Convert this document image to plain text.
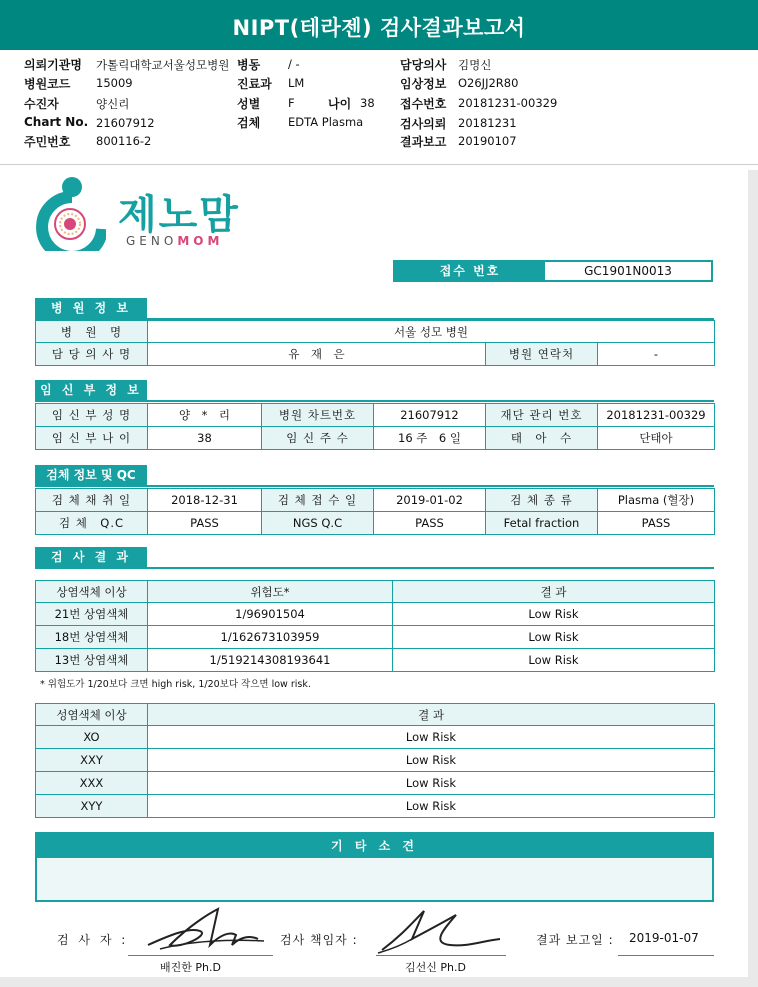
NIPT(테라젠) 검사결과보고서
의뢰기관명 가톨릭대학교서울성모병원 병동 / -	담당의사 김명신
병원코드 15009	진료과 LM	임상정보 O26JJ2R80
수진자	양신리	성별 F	나이 38 접수번호 20181231-00329
Chart No. 21607912	검체 EDTA Plasma	검사의뢰 20181231
주민번호 800116-2	결과보고 20190107
제노맘
GENOMOM
접수 번호	GC1901N0013
병 원 정 보
병　원　명	서울 성모 병원		
담 당 의 사 명	유　재　은	병원 연락처	-
임 신 부 정 보
임 신 부 성 명	양　*　리	병원 차트번호	21607912	재단 관리 번호	20181231-00329
임 신 부 나 이	38	임 신 주 수	16 주　6 일	태　아　수	단태아
검체 정보 및 QC
검 체 채 취 일	2018-12-31	검 체 접 수 일	2019-01-02	검 체 종 류	Plasma (혈장)
검 체　Q.C	PASS	NGS Q.C	PASS	Fetal fraction	PASS
검 사 결 과
상염색체 이상	위험도*	결 과
21번 상염색체	1/96901504	Low Risk
18번 상염색체	1/162673103959	Low Risk
13번 상염색체	1/519214308193641	Low Risk
* 위험도가 1/20보다 크면 high risk, 1/20보다 작으면 low risk.
성염색체 이상	결 과
XO	Low Risk
XXY	Low Risk
XXX	Low Risk
XYY	Low Risk
기 타 소 견
검 사 자 :
배진한 Ph.D
검사 책임자 :
김선신 Ph.D
결과 보고일 : 2019-01-07
